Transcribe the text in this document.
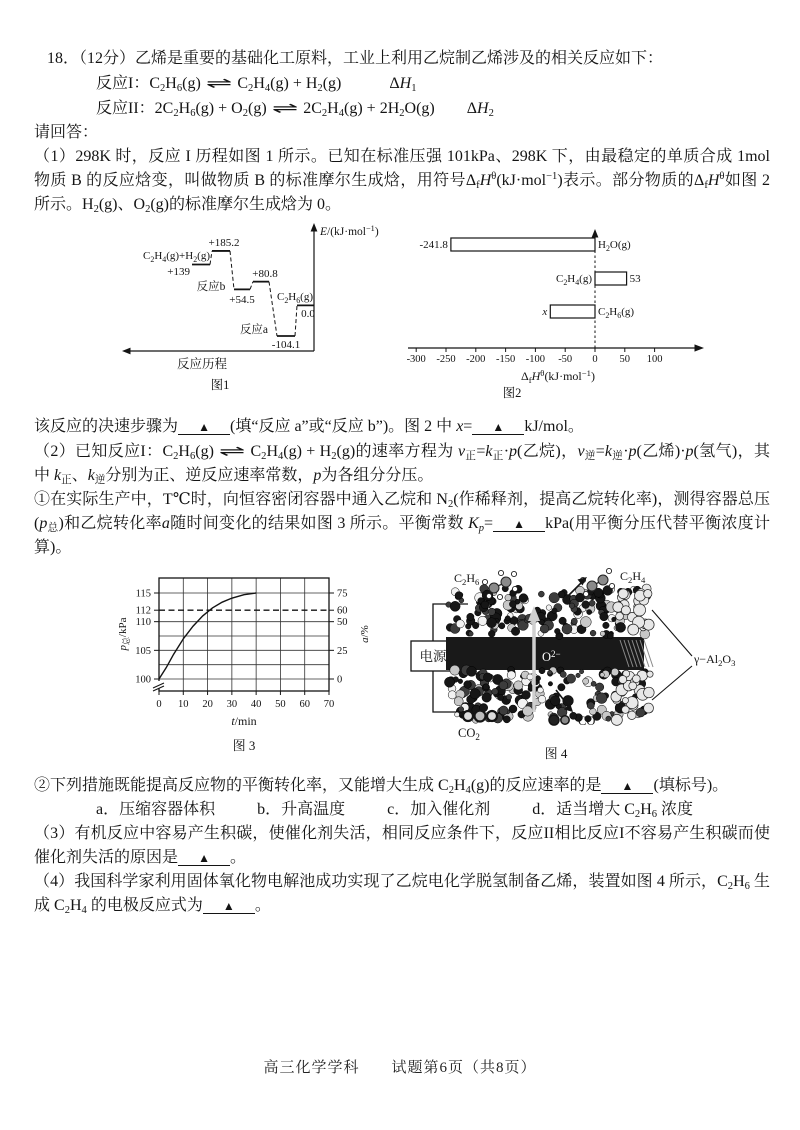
18．（12分）乙烯是重要的基础化工原料，工业上利用乙烷制乙烯涉及的相关反应如下：

反应I：$C_2H_6(g)$ ⇌ $C_2H_4(g) + H_2(g)$　　　$\Delta H_1$

反应II：$2C_2H_6(g) + O_2(g)$ ⇌ $2C_2H_4(g) + 2H_2O(g)$　　$\Delta H_2$

请回答：

（1）298K 时，反应 I 历程如图 1 所示。已知在标准压强 101kPa、298K 下，由最稳定的单质合成 1mol 物质 B 的反应焓变，叫做物质 B 的标准摩尔生成焓，用符号$\Delta_fH^\theta(kJ\cdot mol^{-1})$表示。部分物质的$\Delta_fH^\theta$如图 2 所示。$H_2(g)$、$O_2(g)$的标准摩尔生成焓为 0。

E/(kJ·mol$^{-1}$)
反应历程
图1
$C_2H_4(g)+H_2(g)$
+139
+185.2
+54.5
+80.8
-104.1
0.0
$C_2H_6(g)$
反应b
反应a
-300 -250 -200 -150 -100 -50 0 50 100
-241.8	$H_2O(g)$
$C_2H_4(g)$	53
x	$C_2H_6(g)$
$\Delta_fH^\theta(kJ\cdot mol^{-1})$
图2

该反应的决速步骤为 ▲ (填“反应 a”或“反应 b”)。图 2 中 x= ▲ kJ/mol。

（2）已知反应I：$C_2H_6(g)$ ⇌ $C_2H_4(g) + H_2(g)$的速率方程为 $v_正=k_正\cdot p$(乙烷)，$v_逆=k_逆\cdot p$(乙烯)·p(氢气)，其中 $k_正$、$k_逆$分别为正、逆反应速率常数，p为各组分分压。

①在实际生产中，T℃时，向恒容密闭容器中通入乙烷和 $N_2$(作稀释剂，提高乙烷转化率)，测得容器总压$(p_总)$和乙烷转化率a随时间变化的结果如图 3 所示。平衡常数 $K_p=$ ▲ kPa(用平衡分压代替平衡浓度计算)。

100
105
110
112
115
0
25
50
60
75
0 10 20 30 40 50 60 70
$p_总$/kPa
a/%
t/min
图 3
电源	$O^{2-}$
$C_2H_6$	$C_2H_4$
$\gamma-Al_2O_3$
$CO_2$
CO
图 4

②下列措施既能提高反应物的平衡转化率，又能增大生成 $C_2H_4(g)$的反应速率的是 ▲ (填标号)。

a．压缩容器体积	b．升高温度	c．加入催化剂	d．适当增大 $C_2H_6$ 浓度

（3）有机反应中容易产生积碳，使催化剂失活，相同反应条件下，反应II相比反应I不容易产生积碳而使催化剂失活的原因是 ▲ 。

（4）我国科学家利用固体氧化物电解池成功实现了乙烷电化学脱氢制备乙烯，装置如图 4 所示，$C_2H_6$ 生成 $C_2H_4$ 的电极反应式为 ▲ 。

高三化学学科　　试题第6页（共8页）
